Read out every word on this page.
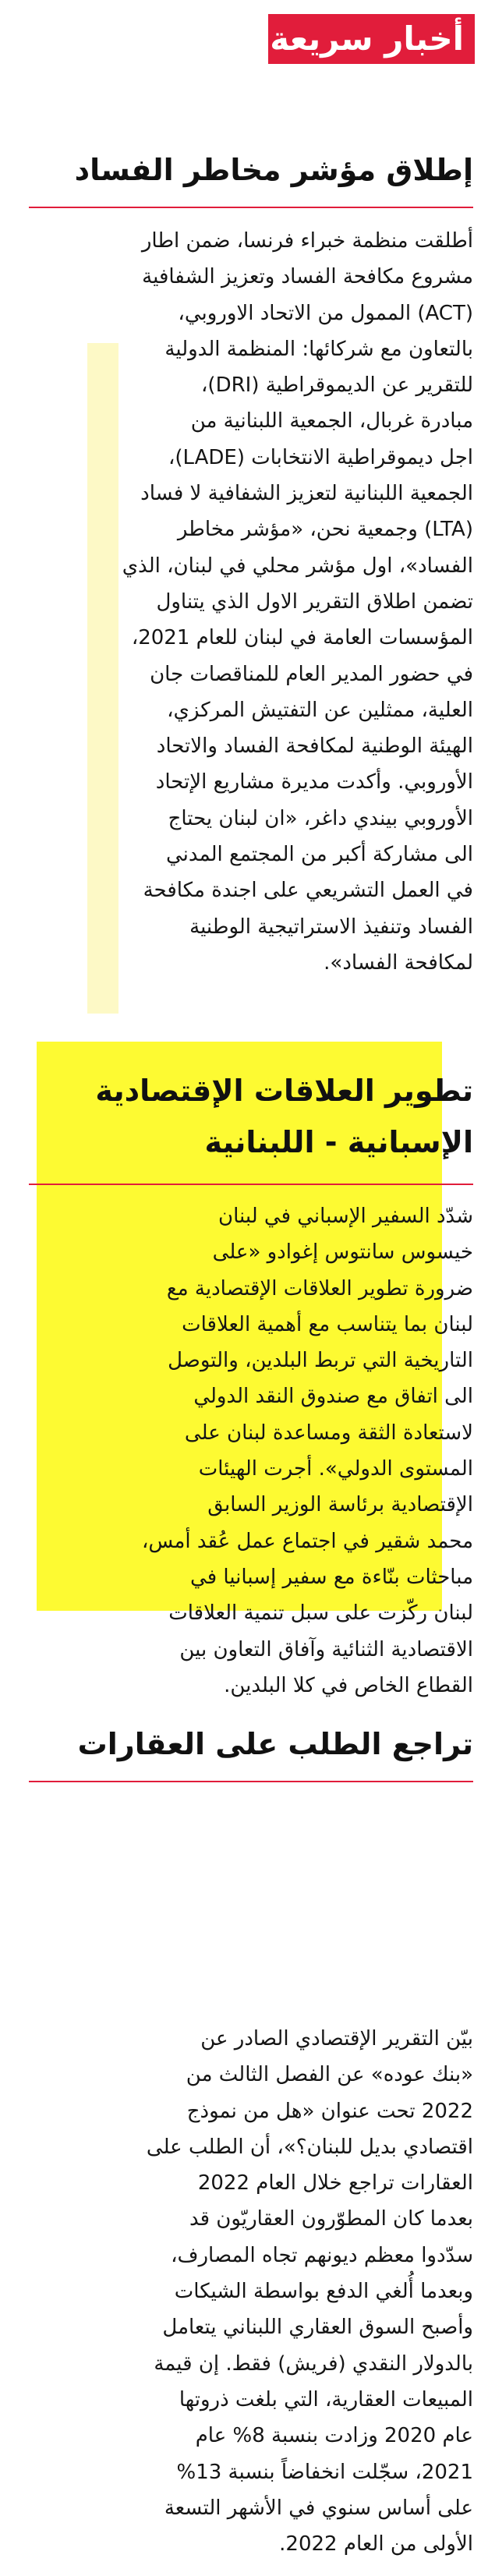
أخبار سريعة
إطلاق مؤشر مخاطر الفساد
أطلقت منظمة خبراء فرنسا، ضمن اطار
مشروع مكافحة الفساد وتعزيز الشفافية
(ACT) الممول من الاتحاد الاوروبي،
بالتعاون مع شركائها: المنظمة الدولية
للتقرير عن الديموقراطية (DRI)،
مبادرة غربال، الجمعية اللبنانية من
اجل ديموقراطية الانتخابات (LADE)،
الجمعية اللبنانية لتعزيز الشفافية لا فساد
(LTA) وجمعية نحن، «مؤشر مخاطر
الفساد»، اول مؤشر محلي في لبنان، الذي
تضمن اطلاق التقرير الاول الذي يتناول
المؤسسات العامة في لبنان للعام 2021،
في حضور المدير العام للمناقصات جان
العلية، ممثلين عن التفتيش المركزي،
الهيئة الوطنية لمكافحة الفساد والاتحاد
الأوروبي. وأكدت مديرة مشاريع الإتحاد
الأوروبي بيندي داغر، «ان لبنان يحتاج
الى مشاركة أكبر من المجتمع المدني
في العمل التشريعي على اجندة مكافحة
الفساد وتنفيذ الاستراتيجية الوطنية
لمكافحة الفساد».
تطوير العلاقات الإقتصادية
الإسبانية - اللبنانية
شدّد السفير الإسباني في لبنان
خيسوس سانتوس إغوادو «على
ضرورة تطوير العلاقات الإقتصادية مع
لبنان بما يتناسب مع أهمية العلاقات
التاريخية التي تربط البلدين، والتوصل
الى اتفاق مع صندوق النقد الدولي
لاستعادة الثقة ومساعدة لبنان على
المستوى الدولي». أجرت الهيئات
الإقتصادية برئاسة الوزير السابق
محمد شقير في اجتماع عمل عُقد أمس،
مباحثات بنّاءة مع سفير إسبانيا في
لبنان ركّزت على سبل تنمية العلاقات
الاقتصادية الثنائية وآفاق التعاون بين
القطاع الخاص في كلا البلدين.
تراجع الطلب على العقارات
بيّن التقرير الإقتصادي الصادر عن
«بنك عوده» عن الفصل الثالث من
2022 تحت عنوان «هل من نموذج
اقتصادي بديل للبنان؟»، أن الطلب على
العقارات تراجع خلال العام 2022
بعدما كان المطوّرون العقاريّون قد
سدّدوا معظم ديونهم تجاه المصارف،
وبعدما أُلغي الدفع بواسطة الشيكات
وأصبح السوق العقاري اللبناني يتعامل
بالدولار النقدي (فريش) فقط. إن قيمة
المبيعات العقارية، التي بلغت ذروتها
عام 2020 وزادت بنسبة 8% عام
2021، سجّلت انخفاضاً بنسبة 13%
على أساس سنوي في الأشهر التسعة
الأولى من العام 2022.
